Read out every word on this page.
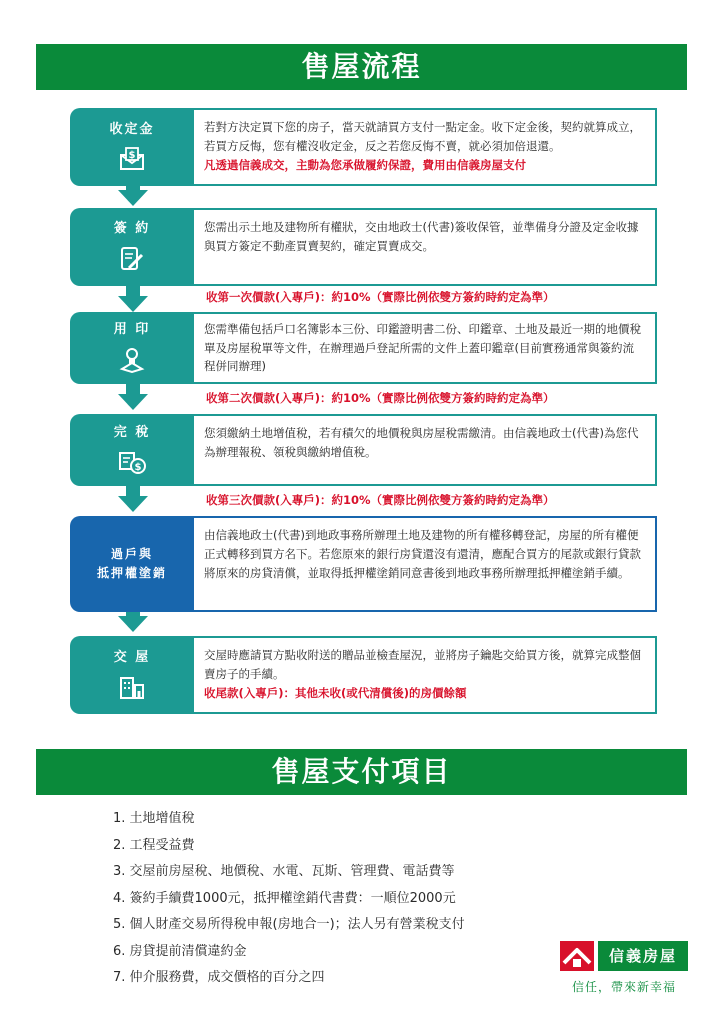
售屋流程
收定金
$
若對方決定買下您的房子，當天就請買方支付一點定金。收下定金後，契約就算成立，若買方反悔，您有權沒收定金，反之若您反悔不賣，就必須加倍退還。
凡透過信義成交，主動為您承做履約保證，費用由信義房屋支付
簽 約	您需出示土地及建物所有權狀，交由地政士(代書)簽收保管，並準備身分證及定金收據與買方簽定不動產買賣契約，確定買賣成交。
收第一次價款(入專戶)：約10%（實際比例依雙方簽約時約定為準）
用 印	您需準備包括戶口名簿影本三份、印鑑證明書二份、印鑑章、土地及最近一期的地價稅單及房屋稅單等文件，在辦理過戶登記所需的文件上蓋印鑑章(目前實務通常與簽約流程併同辦理)
收第二次價款(入專戶)：約10%（實際比例依雙方簽約時約定為準）
完 稅
$
您須繳納土地增值稅，若有積欠的地價稅與房屋稅需繳清。由信義地政士(代書)為您代為辦理報稅、領稅與繳納增值稅。
收第三次價款(入專戶)：約10%（實際比例依雙方簽約時約定為準）
過戶與
抵押權塗銷
由信義地政士(代書)到地政事務所辦理土地及建物的所有權移轉登記，房屋的所有權便正式轉移到買方名下。若您原來的銀行房貸還沒有還清，應配合買方的尾款或銀行貸款將原來的房貸清償，並取得抵押權塗銷同意書後到地政事務所辦理抵押權塗銷手續。
交 屋	交屋時應請買方點收附送的贈品並檢查屋況，並將房子鑰匙交給買方後，就算完成整個賣房子的手續。
收尾款(入專戶)：其他未收(或代清償後)的房價餘額
售屋支付項目
1. 土地增值稅
2. 工程受益費
3. 交屋前房屋稅、地價稅、水電、瓦斯、管理費、電話費等
4. 簽約手續費1000元，抵押權塗銷代書費：一順位2000元
5. 個人財產交易所得稅申報(房地合一)；法人另有營業稅支付
6. 房貸提前清償違約金
7. 仲介服務費，成交價格的百分之四
信義房屋
信任，帶來新幸福
